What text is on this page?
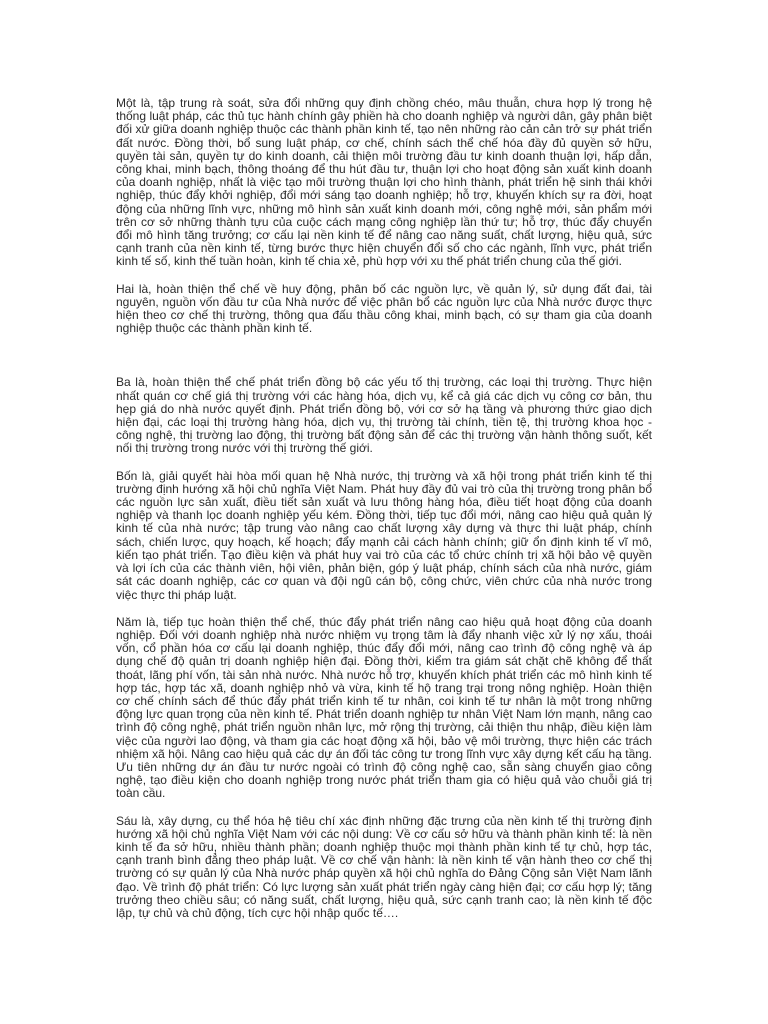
Một là, tập trung rà soát, sửa đổi những quy định chồng chéo, mâu thuẫn, chưa hợp lý trong hệ thống luật pháp, các thủ tục hành chính gây phiền hà cho doanh nghiệp và người dân, gây phân biệt đối xử giữa doanh nghiệp thuộc các thành phần kinh tế, tạo nên những rào cản cản trở sự phát triển đất nước. Đồng thời, bổ sung luật pháp, cơ chế, chính sách thể chế hóa đầy đủ quyền sở hữu, quyền tài sản, quyền tự do kinh doanh, cải thiện môi trường đầu tư kinh doanh thuận lợi, hấp dẫn, công khai, minh bạch, thông thoáng để thu hút đầu tư, thuận lợi cho hoạt động sản xuất kinh doanh của doanh nghiệp, nhất là việc tạo môi trường thuận lợi cho hình thành, phát triển hệ sinh thái khởi nghiệp, thúc đẩy khởi nghiệp, đổi mới sáng tạo doanh nghiệp; hỗ trợ, khuyến khích sự ra đời, hoạt động của những lĩnh vực, những mô hình sản xuất kinh doanh mới, công nghệ mới, sản phẩm mới trên cơ sở những thành tựu của cuộc cách mạng công nghiệp lần thứ tư; hỗ trợ, thúc đẩy chuyển đổi mô hình tăng trưởng; cơ cấu lại nền kinh tế để nâng cao năng suất, chất lượng, hiệu quả, sức cạnh tranh của nền kinh tế, từng bước thực hiện chuyển đổi số cho các ngành, lĩnh vực, phát triển kinh tế số, kinh thế tuần hoàn, kinh tế chia xẻ, phù hợp với xu thế phát triển chung của thế giới.

Hai là, hoàn thiện thể chế về huy động, phân bố các nguồn lực, về quản lý, sử dụng đất đai, tài nguyên, nguồn vốn đầu tư của Nhà nước để việc phân bổ các nguồn lực của Nhà nước được thực hiện theo cơ chế thị trường, thông qua đấu thầu công khai, minh bạch, có sự tham gia của doanh nghiệp thuộc các thành phần kinh tế.

Ba là, hoàn thiện thể chế phát triển đồng bộ các yếu tố thị trường, các loại thị trường. Thực hiện nhất quán cơ chế giá thị trường với các hàng hóa, dịch vụ, kể cả giá các dịch vụ công cơ bản, thu hẹp giá do nhà nước quyết định. Phát triển đồng bộ, với cơ sở hạ tầng và phương thức giao dịch hiện đại, các loại thị trường hàng hóa, dịch vụ, thị trường tài chính, tiền tệ, thị trường khoa học - công nghệ, thị trường lao động, thị trường bất động sản để các thị trường vận hành thông suốt, kết nối thị trường trong nước với thị trường thế giới.

Bốn là, giải quyết hài hòa mối quan hệ Nhà nước, thị trường và xã hội trong phát triển kinh tế thị trường định hướng xã hội chủ nghĩa Việt Nam. Phát huy đầy đủ vai trò của thị trường trong phân bổ các nguồn lực sản xuất, điều tiết sản xuất và lưu thông hàng hóa, điều tiết hoạt động của doanh nghiệp và thanh lọc doanh nghiệp yếu kém. Đồng thời, tiếp tục đổi mới, nâng cao hiệu quả quản lý kinh tế của nhà nước; tập trung vào nâng cao chất lượng xây dựng và thực thi luật pháp, chính sách, chiến lược, quy hoạch, kế hoạch; đẩy mạnh cải cách hành chính; giữ ổn định kinh tế vĩ mô, kiến tạo phát triển. Tạo điều kiện và phát huy vai trò của các tổ chức chính trị xã hội bảo vệ quyền và lợi ích của các thành viên, hội viên, phản biện, góp ý luật pháp, chính sách của nhà nước, giám sát các doanh nghiệp, các cơ quan và đội ngũ cán bộ, công chức, viên chức của nhà nước trong việc thực thi pháp luật.

Năm là, tiếp tục hoàn thiện thể chế, thúc đẩy phát triển nâng cao hiệu quả hoạt động của doanh nghiệp. Đối với doanh nghiệp nhà nước nhiệm vụ trọng tâm là đẩy nhanh việc xử lý nợ xấu, thoái vốn, cổ phần hóa cơ cấu lại doanh nghiệp, thúc đẩy đổi mới, nâng cao trình độ công nghệ và áp dụng chế độ quản trị doanh nghiệp hiện đại. Đồng thời, kiểm tra giám sát chặt chẽ không để thất thoát, lãng phí vốn, tài sản nhà nước. Nhà nước hỗ trợ, khuyến khích phát triển các mô hình kinh tế hợp tác, hợp tác xã, doanh nghiệp nhỏ và vừa, kinh tế hộ trang trại trong nông nghiệp. Hoàn thiện cơ chế chính sách để thúc đẩy phát triển kinh tế tư nhân, coi kinh tế tư nhân là một trong những động lực quan trọng của nền kinh tế. Phát triển doanh nghiệp tư nhân Việt Nam lớn mạnh, nâng cao trình độ công nghệ, phát triển nguồn nhân lực, mở rộng thị trường, cải thiện thu nhập, điều kiện làm việc của người lao động, và tham gia các hoạt động xã hội, bảo vệ môi trường, thực hiện các trách nhiệm xã hội. Nâng cao hiệu quả các dự án đối tác công tư trong lĩnh vực xây dựng kết cấu hạ tầng. Ưu tiên những dự án đầu tư nước ngoài có trình độ công nghệ cao, sẵn sàng chuyển giao công nghệ, tạo điều kiện cho doanh nghiệp trong nước phát triển tham gia có hiệu quả vào chuỗi giá trị toàn cầu.

Sáu là, xây dựng, cụ thể hóa hệ tiêu chí xác định những đặc trưng của nền kinh tế thị trường định hướng xã hội chủ nghĩa Việt Nam với các nội dung: Về cơ cấu sở hữu và thành phần kinh tế: là nền kinh tế đa sở hữu, nhiều thành phần; doanh nghiệp thuộc mọi thành phần kinh tế tự chủ, hợp tác, cạnh tranh bình đẳng theo pháp luật. Về cơ chế vận hành: là nền kinh tế vận hành theo cơ chế thị trường có sự quản lý của Nhà nước pháp quyền xã hội chủ nghĩa do Đảng Cộng sản Việt Nam lãnh đạo. Về trình độ phát triển: Có lực lượng sản xuất phát triển ngày càng hiện đại; cơ cấu hợp lý; tăng trưởng theo chiều sâu; có năng suất, chất lượng, hiệu quả, sức cạnh tranh cao; là nền kinh tế độc lập, tự chủ và chủ động, tích cực hội nhập quốc tế….
